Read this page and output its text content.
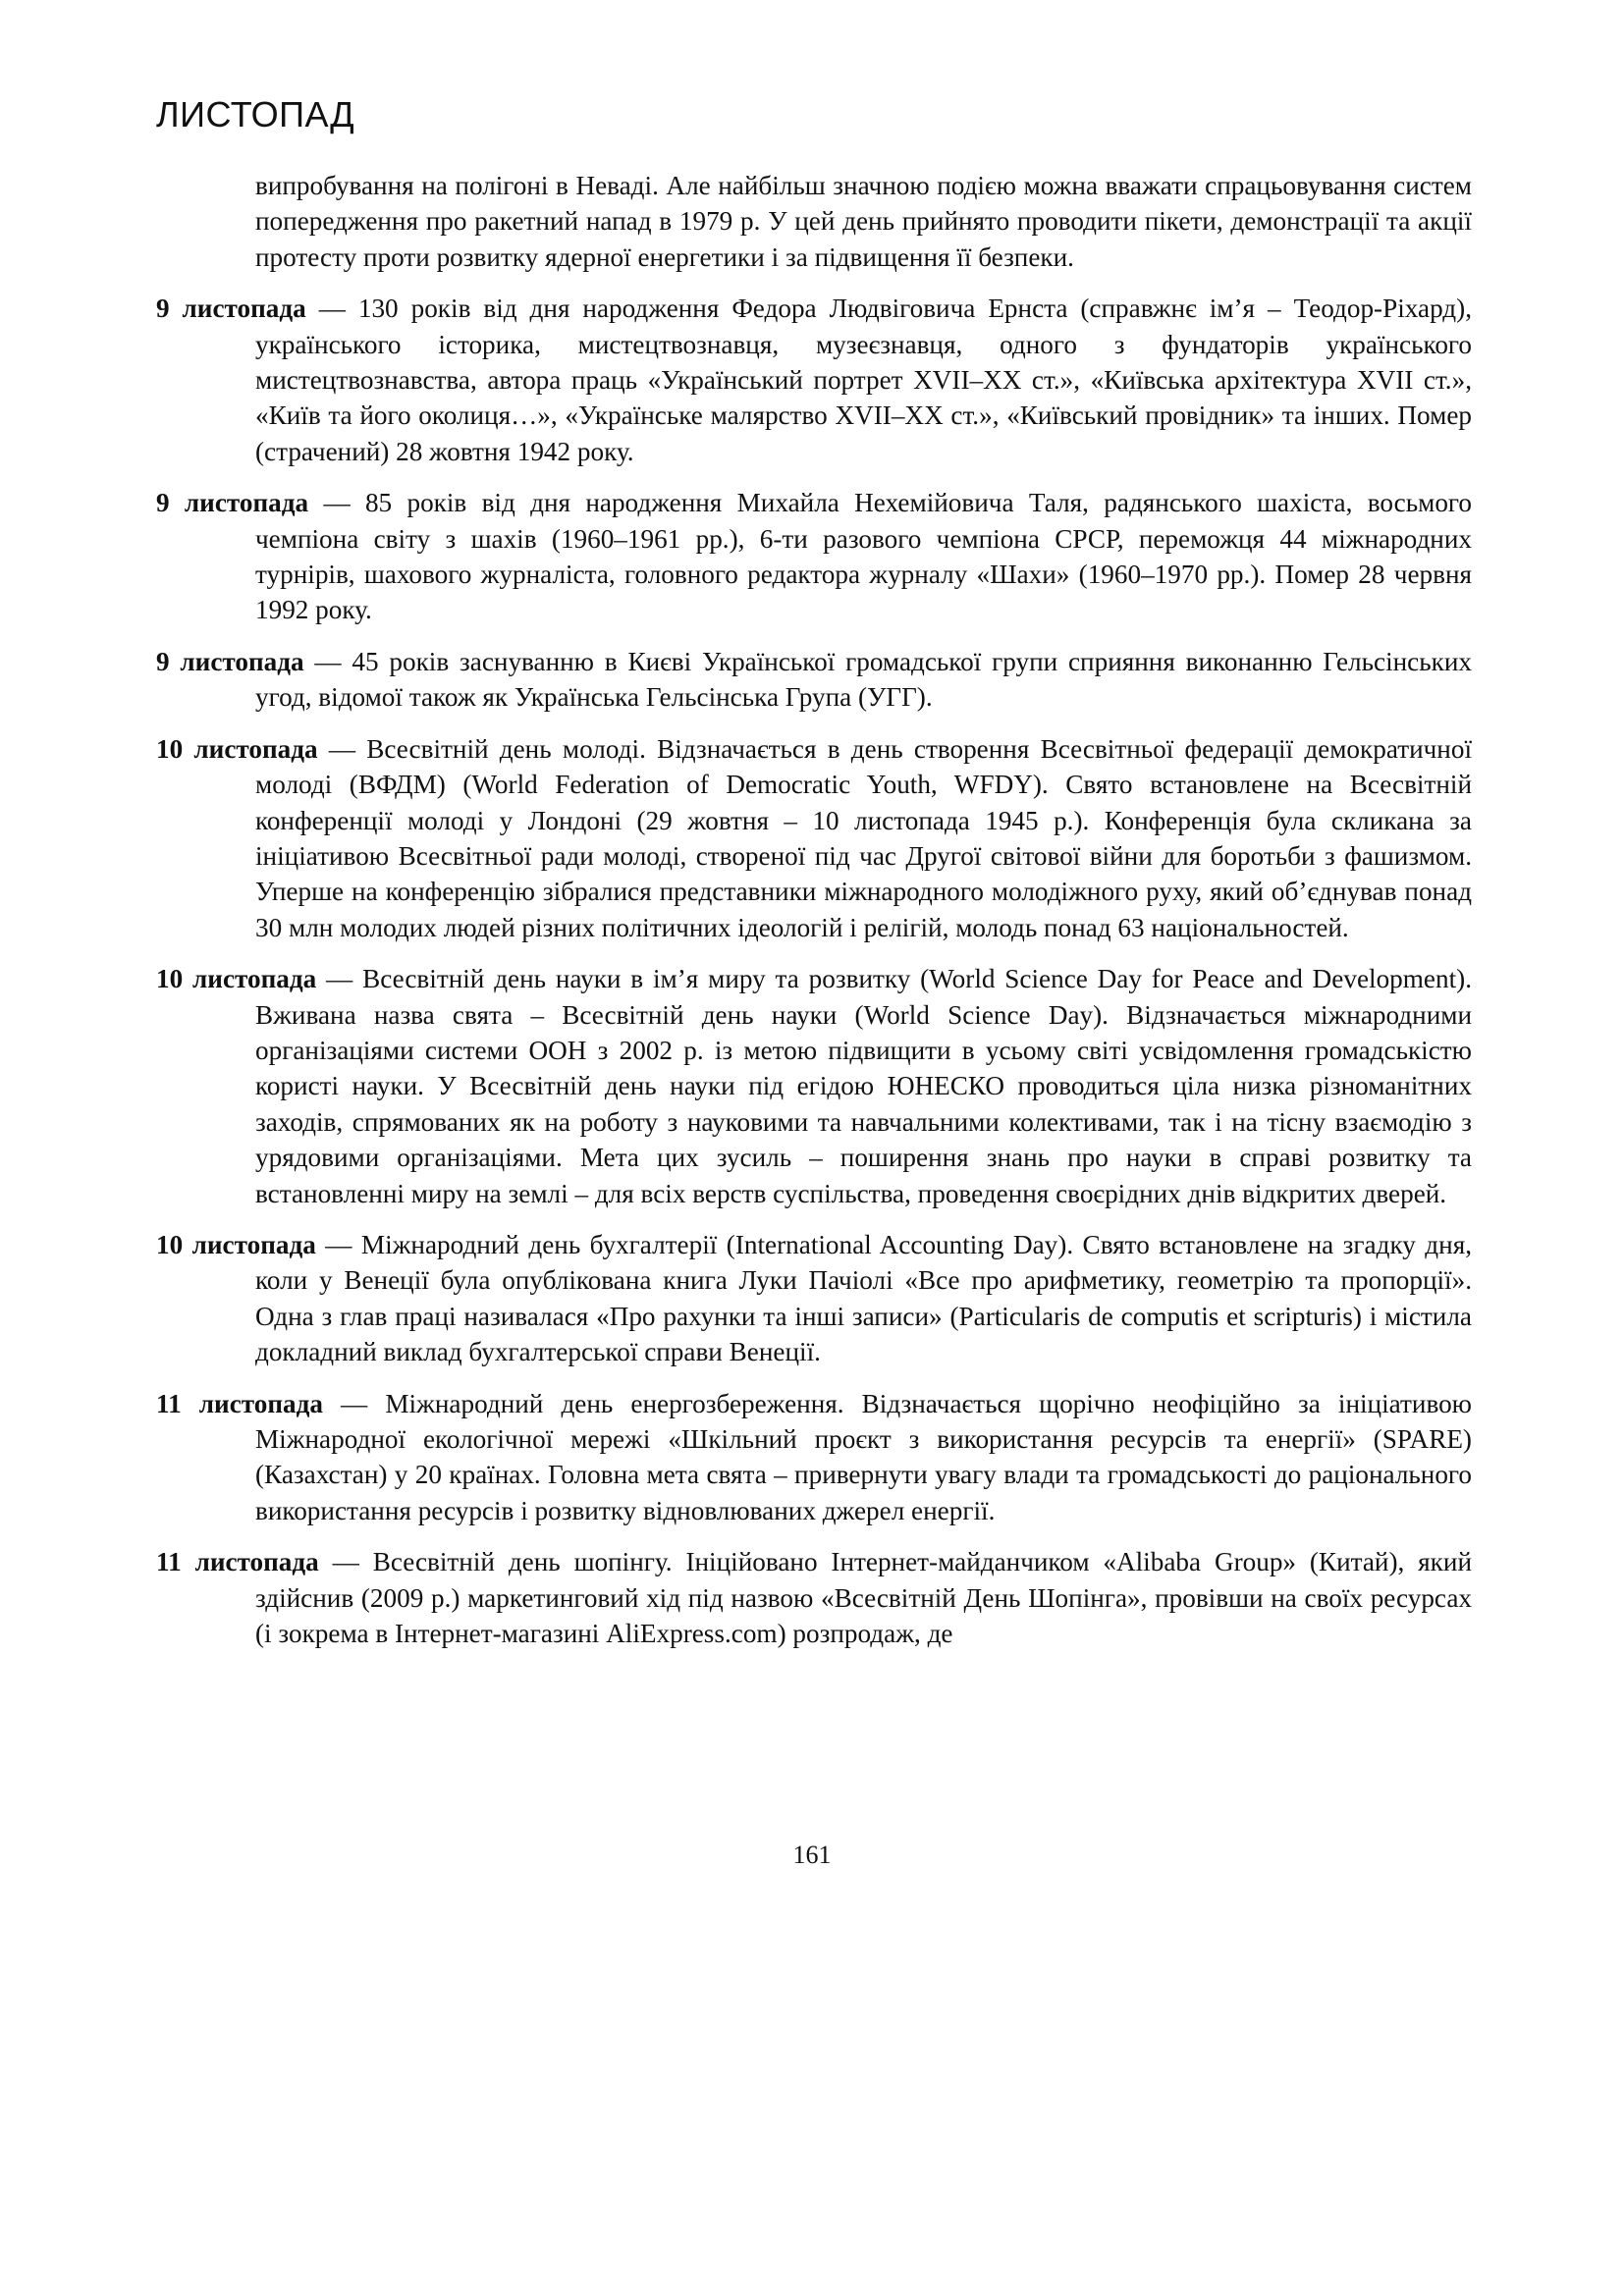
ЛИСТОПАД

випробування на полігоні в Неваді. Але найбільш значною подією можна вважати спрацьовування систем попередження про ракетний напад в 1979 р. У цей день прийнято проводити пікети, демонстрації та акції протесту проти розвитку ядерної енергетики і за підвищення її безпеки.

9 листопада — 130 років від дня народження Федора Людвіговича Ернста (справжнє ім’я – Теодор-Ріхард), українського історика, мистецтвознавця, музеєзнавця, одного з фундаторів українського мистецтвознавства, автора праць «Український портрет XVII–XX ст.», «Київська архітектура XVII ст.», «Київ та його околиця…», «Українське малярство XVII–XX ст.», «Київський провідник» та інших. Помер (страчений) 28 жовтня 1942 року.

9 листопада — 85 років від дня народження Михайла Нехемійовича Таля, радянського шахіста, восьмого чемпіона світу з шахів (1960–1961 рр.), 6-ти разового чемпіона СРСР, переможця 44 міжнародних турнірів, шахового журналіста, головного редактора журналу «Шахи» (1960–1970 рр.). Помер 28 червня 1992 року.

9 листопада — 45 років заснуванню в Києві Української громадської групи сприяння виконанню Гельсінських угод, відомої також як Українська Гельсінська Група (УГГ).

10 листопада — Всесвітній день молоді. Відзначається в день створення Всесвітньої федерації демократичної молоді (ВФДМ) (World Federation of Democratic Youth, WFDY). Свято встановлене на Всесвітній конференції молоді у Лондоні (29 жовтня – 10 листопада 1945 р.). Конференція була скликана за ініціативою Всесвітньої ради молоді, створеної під час Другої світової війни для боротьби з фашизмом. Уперше на конференцію зібралися представники міжнародного молодіжного руху, який об’єднував понад 30 млн молодих людей різних політичних ідеологій і релігій, молодь понад 63 національностей.

10 листопада — Всесвітній день науки в ім’я миру та розвитку (World Science Day for Peace and Development). Вживана назва свята – Всесвітній день науки (World Science Day). Відзначається міжнародними організаціями системи ООН з 2002 р. із метою підвищити в усьому світі усвідомлення громадськістю користі науки. У Всесвітній день науки під егідою ЮНЕСКО проводиться ціла низка різноманітних заходів, спрямованих як на роботу з науковими та навчальними колективами, так і на тісну взаємодію з урядовими організаціями. Мета цих зусиль – поширення знань про науки в справі розвитку та встановленні миру на землі – для всіх верств суспільства, проведення своєрідних днів відкритих дверей.

10 листопада — Міжнародний день бухгалтерії (International Accounting Day). Свято встановлене на згадку дня, коли у Венеції була опублікована книга Луки Пачіолі «Все про арифметику, геометрію та пропорції». Одна з глав праці називалася «Про рахунки та інші записи» (Particularis de computis et scripturis) і містила докладний виклад бухгалтерської справи Венеції.

11 листопада — Міжнародний день енергозбереження. Відзначається щорічно неофіційно за ініціативою Міжнародної екологічної мережі «Шкільний проєкт з використання ресурсів та енергії» (SPARE) (Казахстан) у 20 країнах. Головна мета свята – привернути увагу влади та громадськості до раціонального використання ресурсів і розвитку відновлюваних джерел енергії.

11 листопада — Всесвітній день шопінгу. Ініційовано Інтернет-майданчиком «Alibaba Group» (Китай), який здійснив (2009 р.) маркетинговий хід під назвою «Всесвітній День Шопінга», провівши на своїх ресурсах (і зокрема в Інтернет-магазині AliExpress.com) розпродаж, де

161
